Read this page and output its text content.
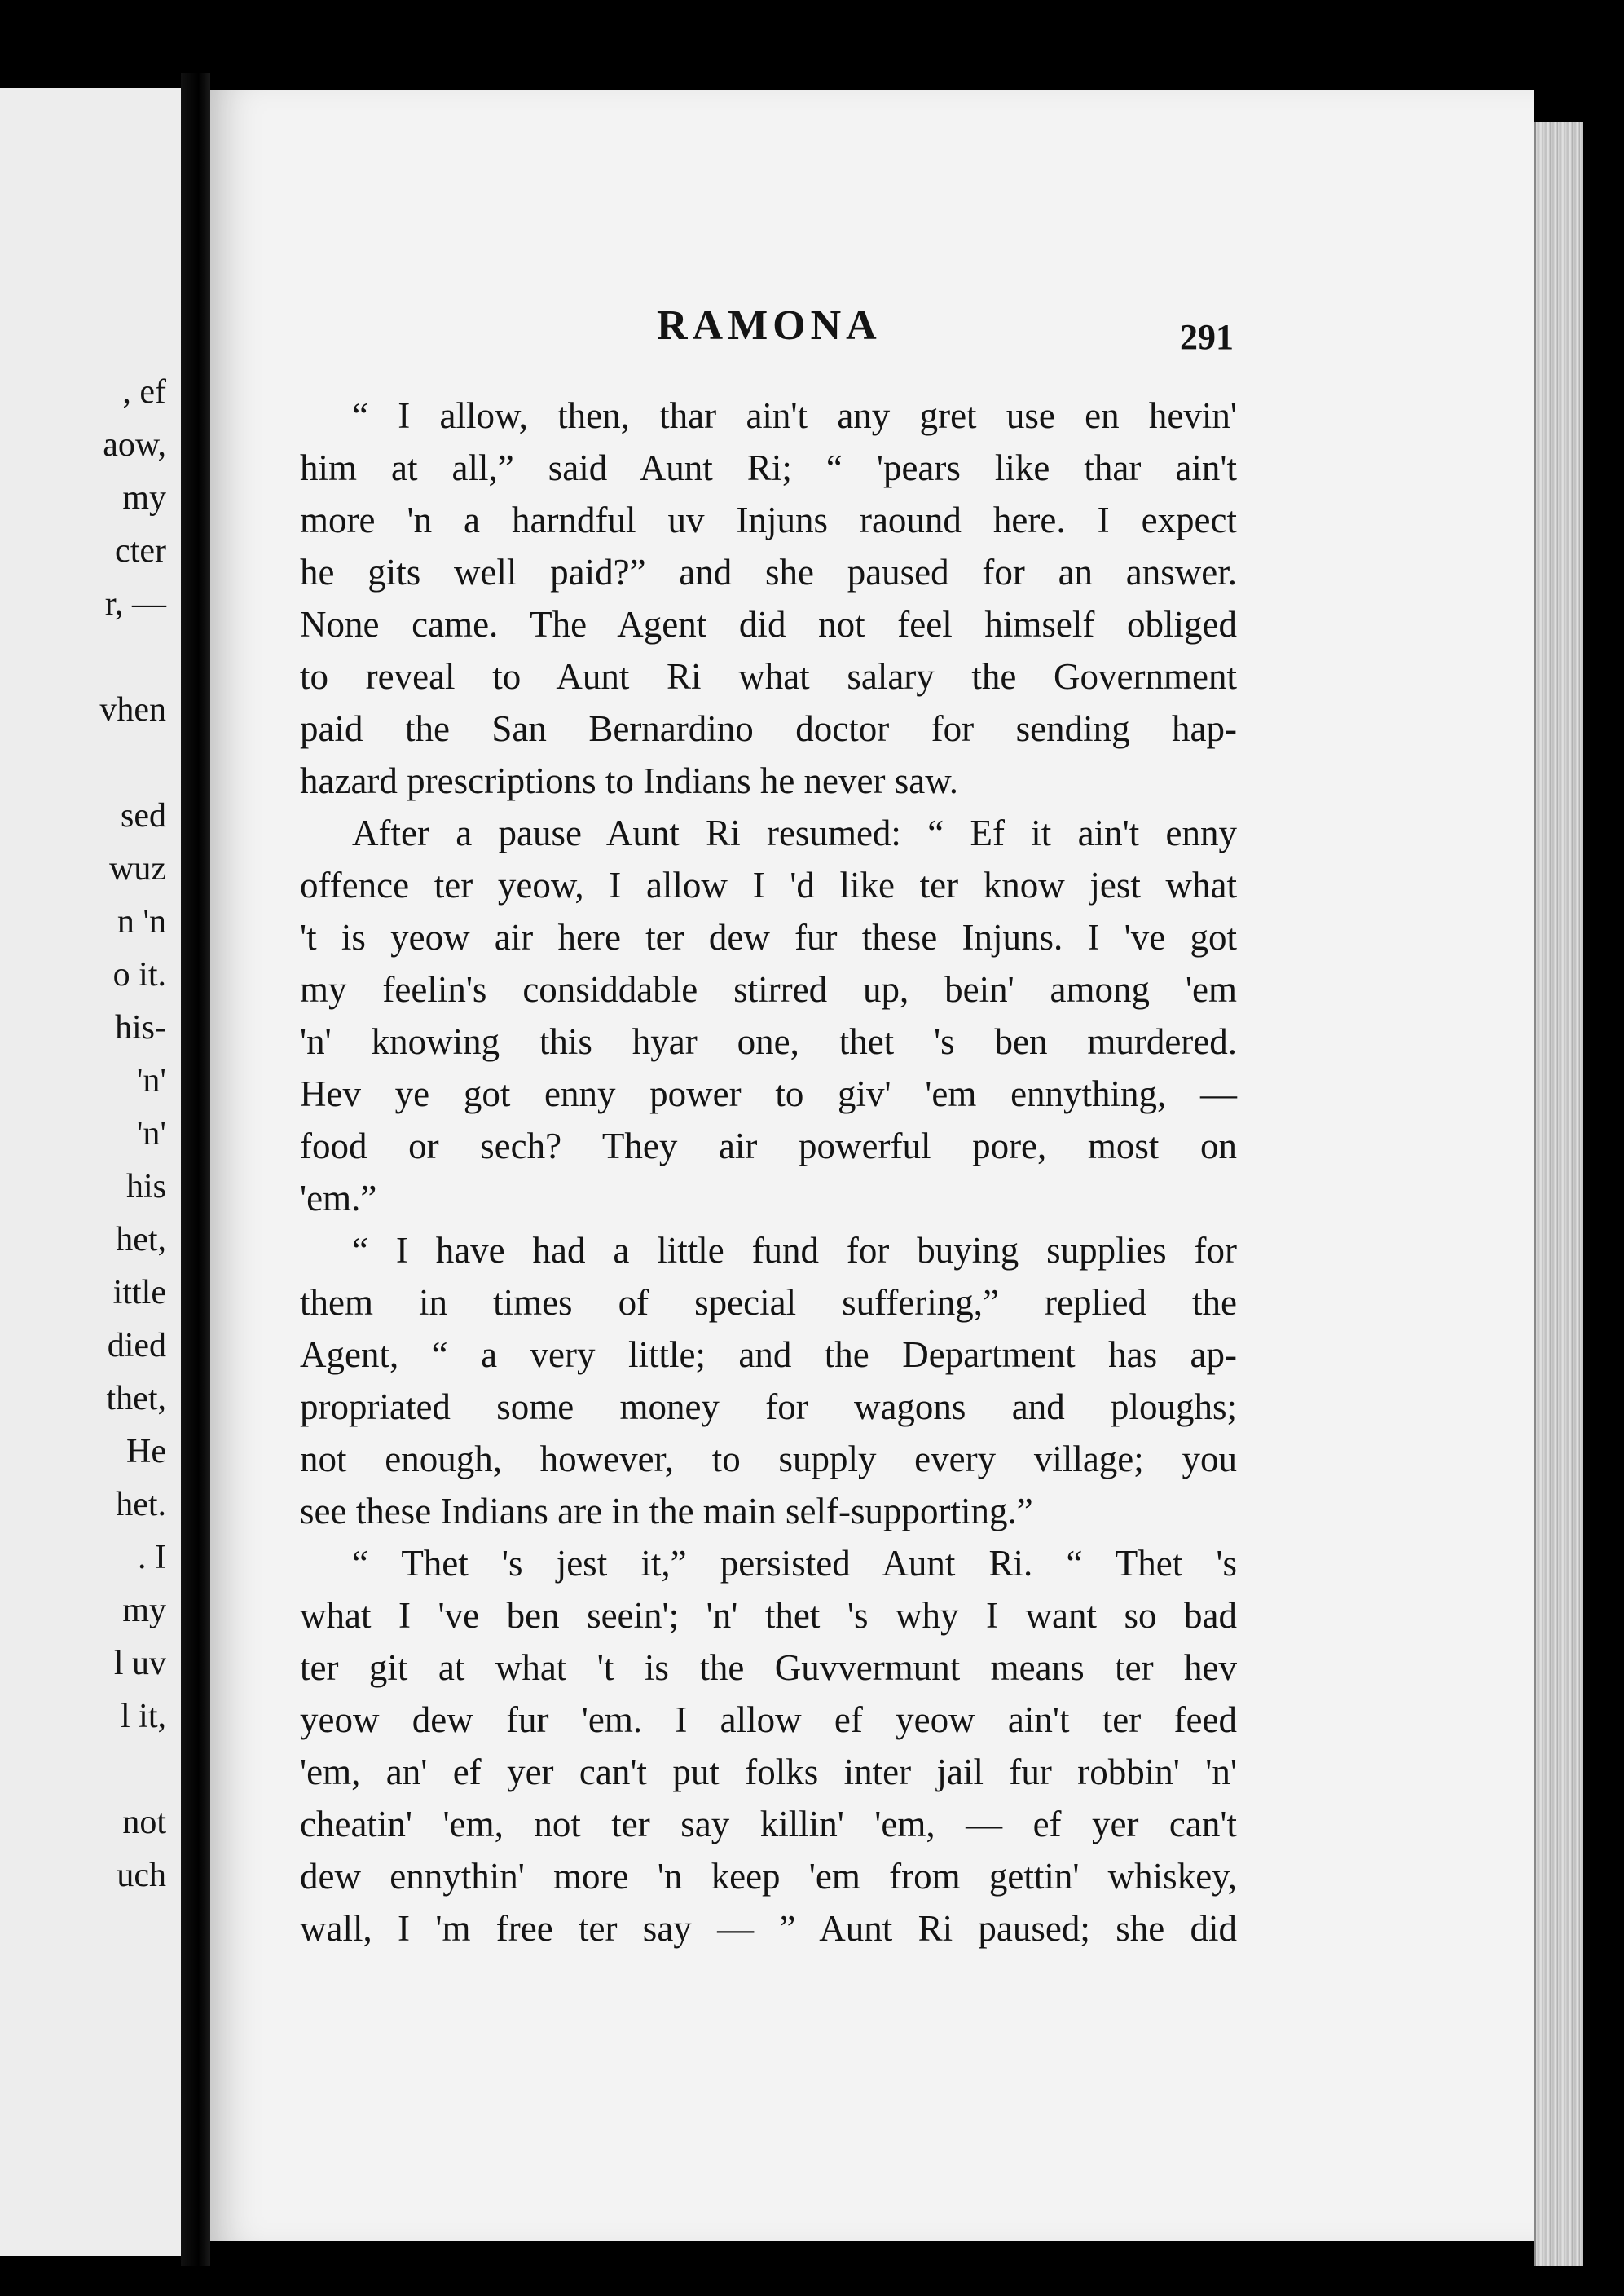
, ef
aow,
my
cter
r, —
vhen
sed
wuz
n 'n
o it.
his-
'n'
'n'
his
het,
ittle
died
thet,
He
het.
. I
my
l uv
l it,
not
uch
RAMONA	291
“ I allow, then, thar ain't any gret use en hevin'
him at all,” said Aunt Ri; “ 'pears like thar ain't
more 'n a harndful uv Injuns raound here. I expect
he gits well paid?” and she paused for an answer.
None came. The Agent did not feel himself obliged
to reveal to Aunt Ri what salary the Government
paid the San Bernardino doctor for sending hap-
hazard prescriptions to Indians he never saw.
After a pause Aunt Ri resumed: “ Ef it ain't enny
offence ter yeow, I allow I 'd like ter know jest what
't is yeow air here ter dew fur these Injuns. I 've got
my feelin's considdable stirred up, bein' among 'em
'n' knowing this hyar one, thet 's ben murdered.
Hev ye got enny power to giv' 'em ennything, —
food or sech? They air powerful pore, most on
'em.”
“ I have had a little fund for buying supplies for
them in times of special suffering,” replied the
Agent, “ a very little; and the Department has ap-
propriated some money for wagons and ploughs;
not enough, however, to supply every village; you
see these Indians are in the main self-supporting.”
“ Thet 's jest it,” persisted Aunt Ri. “ Thet 's
what I 've ben seein'; 'n' thet 's why I want so bad
ter git at what 't is the Guvvermunt means ter hev
yeow dew fur 'em. I allow ef yeow ain't ter feed
'em, an' ef yer can't put folks inter jail fur robbin' 'n'
cheatin' 'em, not ter say killin' 'em, — ef yer can't
dew ennythin' more 'n keep 'em from gettin' whiskey,
wall, I 'm free ter say — ” Aunt Ri paused; she did
